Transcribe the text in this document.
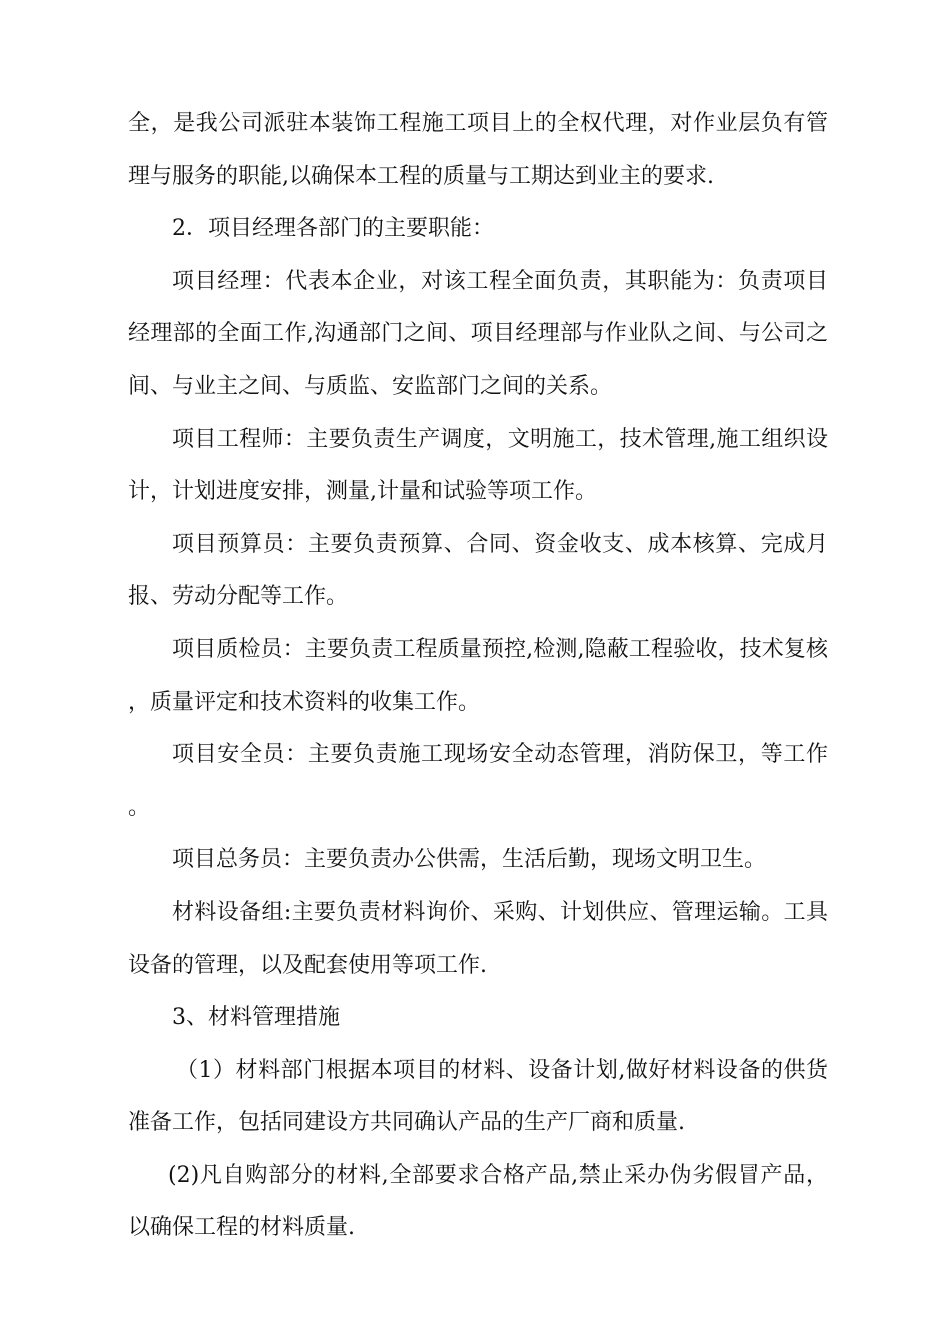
全，是我公司派驻本装饰工程施工项目上的全权代理，对作业层负有管理与服务的职能,以确保本工程的质量与工期达到业主的要求.

2．项目经理各部门的主要职能：

项目经理：代表本企业，对该工程全面负责，其职能为：负责项目经理部的全面工作,沟通部门之间、项目经理部与作业队之间、与公司之间、与业主之间、与质监、安监部门之间的关系。

项目工程师：主要负责生产调度，文明施工，技术管理,施工组织设计，计划进度安排，测量,计量和试验等项工作。

项目预算员：主要负责预算、合同、资金收支、成本核算、完成月报、劳动分配等工作。

项目质检员：主要负责工程质量预控,检测,隐蔽工程验收，技术复核，质量评定和技术资料的收集工作。

项目安全员：主要负责施工现场安全动态管理，消防保卫，等工作。

项目总务员：主要负责办公供需，生活后勤，现场文明卫生。

材料设备组:主要负责材料询价、采购、计划供应、管理运输。工具设备的管理，以及配套使用等项工作.

3、材料管理措施

（1）材料部门根据本项目的材料、设备计划,做好材料设备的供货准备工作，包括同建设方共同确认产品的生产厂商和质量.

(2)凡自购部分的材料,全部要求合格产品,禁止采办伪劣假冒产品，以确保工程的材料质量.
